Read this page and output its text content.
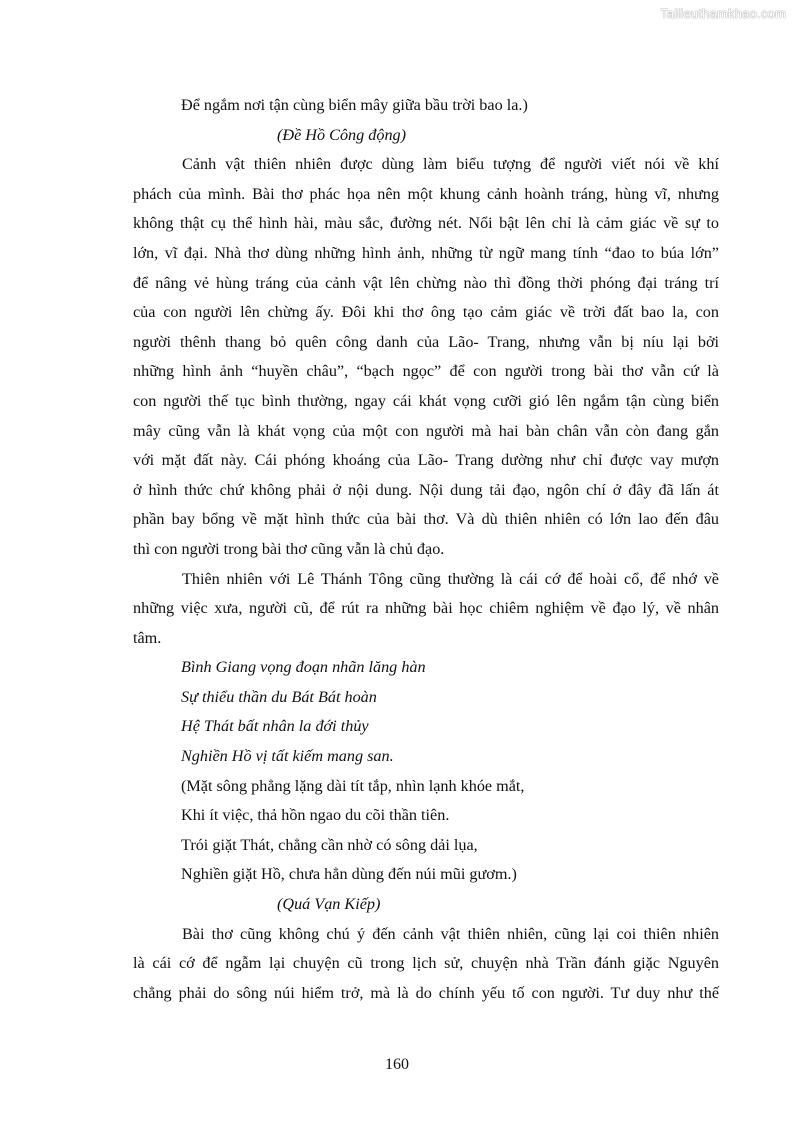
Tailieuthamkhao.com
Để ngắm nơi tận cùng biển mây giữa bầu trời bao la.)
(Đề Hồ Công động)
Cảnh vật thiên nhiên được dùng làm biểu tượng để người viết nói về khí
phách của mình. Bài thơ phác họa nên một khung cảnh hoành tráng, hùng vĩ, nhưng
không thật cụ thể hình hài, màu sắc, đường nét. Nổi bật lên chỉ là cảm giác về sự to
lớn, vĩ đại. Nhà thơ dùng những hình ảnh, những từ ngữ mang tính “đao to búa lớn”
để nâng vẻ hùng tráng của cảnh vật lên chừng nào thì đồng thời phóng đại tráng trí
của con người lên chừng ấy. Đôi khi thơ ông tạo cảm giác về trời đất bao la, con
người thênh thang bỏ quên công danh của Lão- Trang, nhưng vẫn bị níu lại bởi
những hình ảnh “huyền châu”, “bạch ngọc” để con người trong bài thơ vẫn cứ là
con người thế tục bình thường, ngay cái khát vọng cưỡi gió lên ngắm tận cùng biển
mây cũng vẫn là khát vọng của một con người mà hai bàn chân vẫn còn đang gắn
với mặt đất này. Cái phóng khoáng của Lão- Trang dường như chỉ được vay mượn
ở hình thức chứ không phải ở nội dung. Nội dung tải đạo, ngôn chí ở đây đã lấn át
phần bay bổng về mặt hình thức của bài thơ. Và dù thiên nhiên có lớn lao đến đâu
thì con người trong bài thơ cũng vẫn là chủ đạo.
Thiên nhiên với Lê Thánh Tông cũng thường là cái cớ để hoài cổ, để nhớ về
những việc xưa, người cũ, để rút ra những bài học chiêm nghiệm về đạo lý, về nhân
tâm.
Bình Giang vọng đoạn nhãn lăng hàn
Sự thiểu thần du Bát Bát hoàn
Hệ Thát bất nhân la đới thủy
Nghiền Hồ vị tất kiếm mang san.
(Mặt sông phẳng lặng dài tít tắp, nhìn lạnh khóe mắt,
Khi ít việc, thả hồn ngao du cõi thần tiên.
Trói giặt Thát, chẳng cần nhờ có sông dải lụa,
Nghiền giặt Hồ, chưa hẳn dùng đến núi mũi gươm.)
(Quá Vạn Kiếp)
Bài thơ cũng không chú ý đến cảnh vật thiên nhiên, cũng lại coi thiên nhiên
là cái cớ để ngẫm lại chuyện cũ trong lịch sử, chuyện nhà Trần đánh giặc Nguyên
chẳng phải do sông núi hiểm trở, mà là do chính yếu tố con người. Tư duy như thế
160
